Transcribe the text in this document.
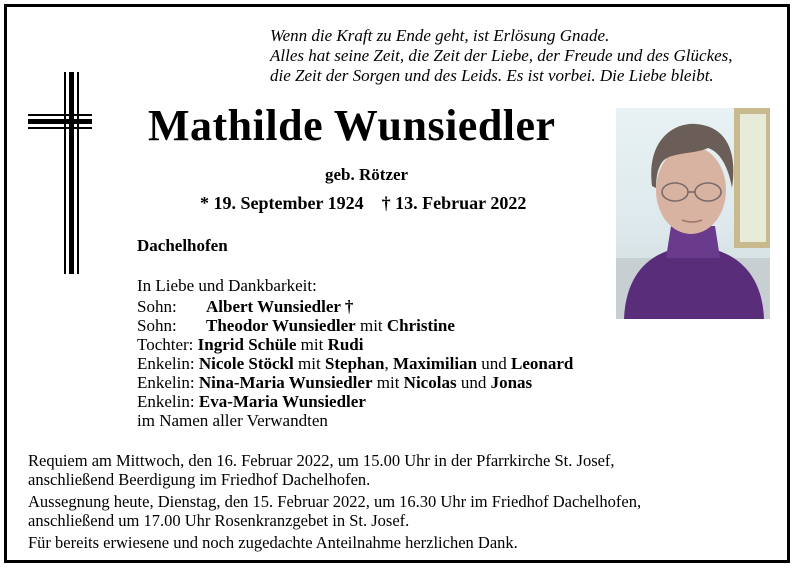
Wenn die Kraft zu Ende geht, ist Erlösung Gnade.
Alles hat seine Zeit, die Zeit der Liebe, der Freude und des Glückes,
die Zeit der Sorgen und des Leids. Es ist vorbei. Die Liebe bleibt.
Mathilde Wunsiedler
geb. Rötzer
* 19. September 1924 † 13. Februar 2022
Dachelhofen
In Liebe und Dankbarkeit:
Sohn: Albert Wunsiedler †
Sohn: Theodor Wunsiedler mit Christine
Tochter: Ingrid Schüle mit Rudi
Enkelin: Nicole Stöckl mit Stephan, Maximilian und Leonard
Enkelin: Nina-Maria Wunsiedler mit Nicolas und Jonas
Enkelin: Eva-Maria Wunsiedler
im Namen aller Verwandten
Requiem am Mittwoch, den 16. Februar 2022, um 15.00 Uhr in der Pfarrkirche St. Josef,
anschließend Beerdigung im Friedhof Dachelhofen.
Aussegnung heute, Dienstag, den 15. Februar 2022, um 16.30 Uhr im Friedhof Dachelhofen,
anschließend um 17.00 Uhr Rosenkranzgebet in St. Josef.
Für bereits erwiesene und noch zugedachte Anteilnahme herzlichen Dank.
